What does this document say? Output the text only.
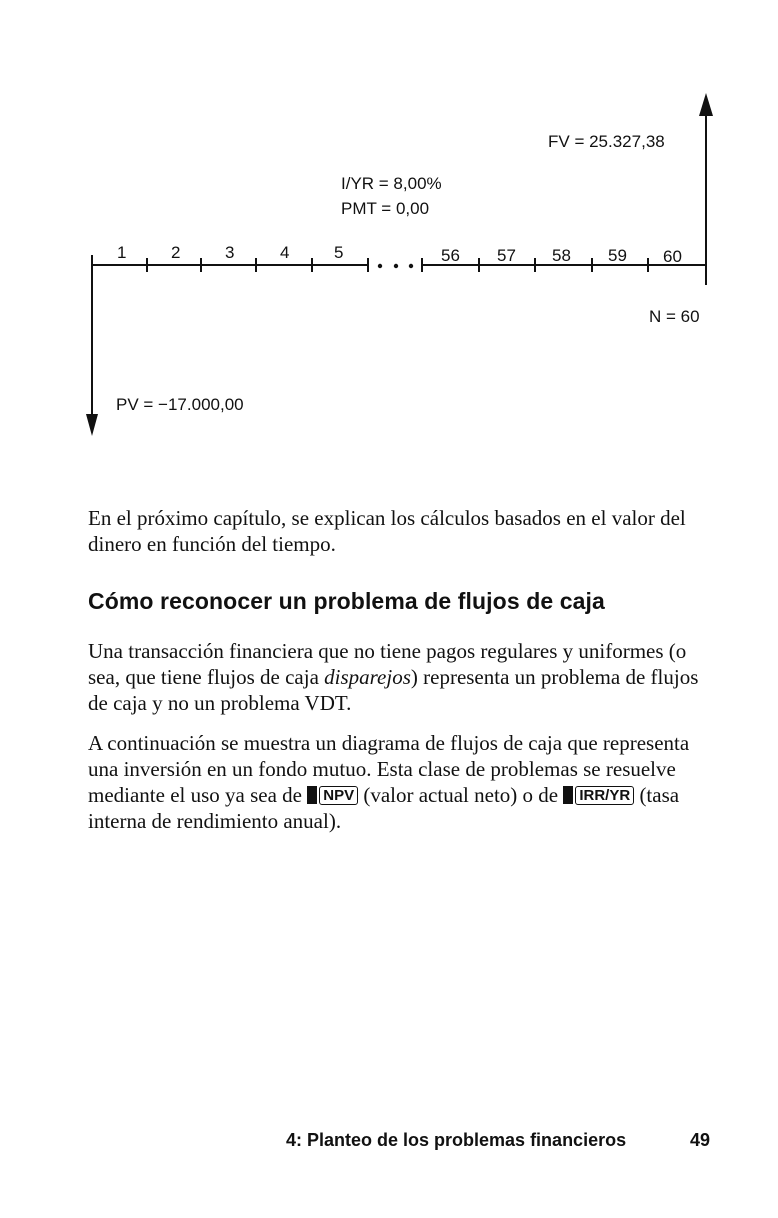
FV = 25.327,38
I/YR = 8,00%
PMT = 0,00
N = 60
PV = −17.000,00
1	2	3	4	5	56 57 58 59 60

En el próximo capítulo, se explican los cálculos basados en el valor del dinero en función del tiempo.

Cómo reconocer un problema de flujos de caja

Una transacción financiera que no tiene pagos regulares y uniformes (o sea, que tiene flujos de caja disparejos) representa un problema de flujos de caja y no un problema VDT.

A continuación se muestra un diagrama de flujos de caja que representa una inversión en un fondo mutuo. Esta clase de problemas se resuelve mediante el uso ya sea de NPV (valor actual neto) o de IRR/YR (tasa interna de rendimiento anual).

4: Planteo de los problemas financieros	49
